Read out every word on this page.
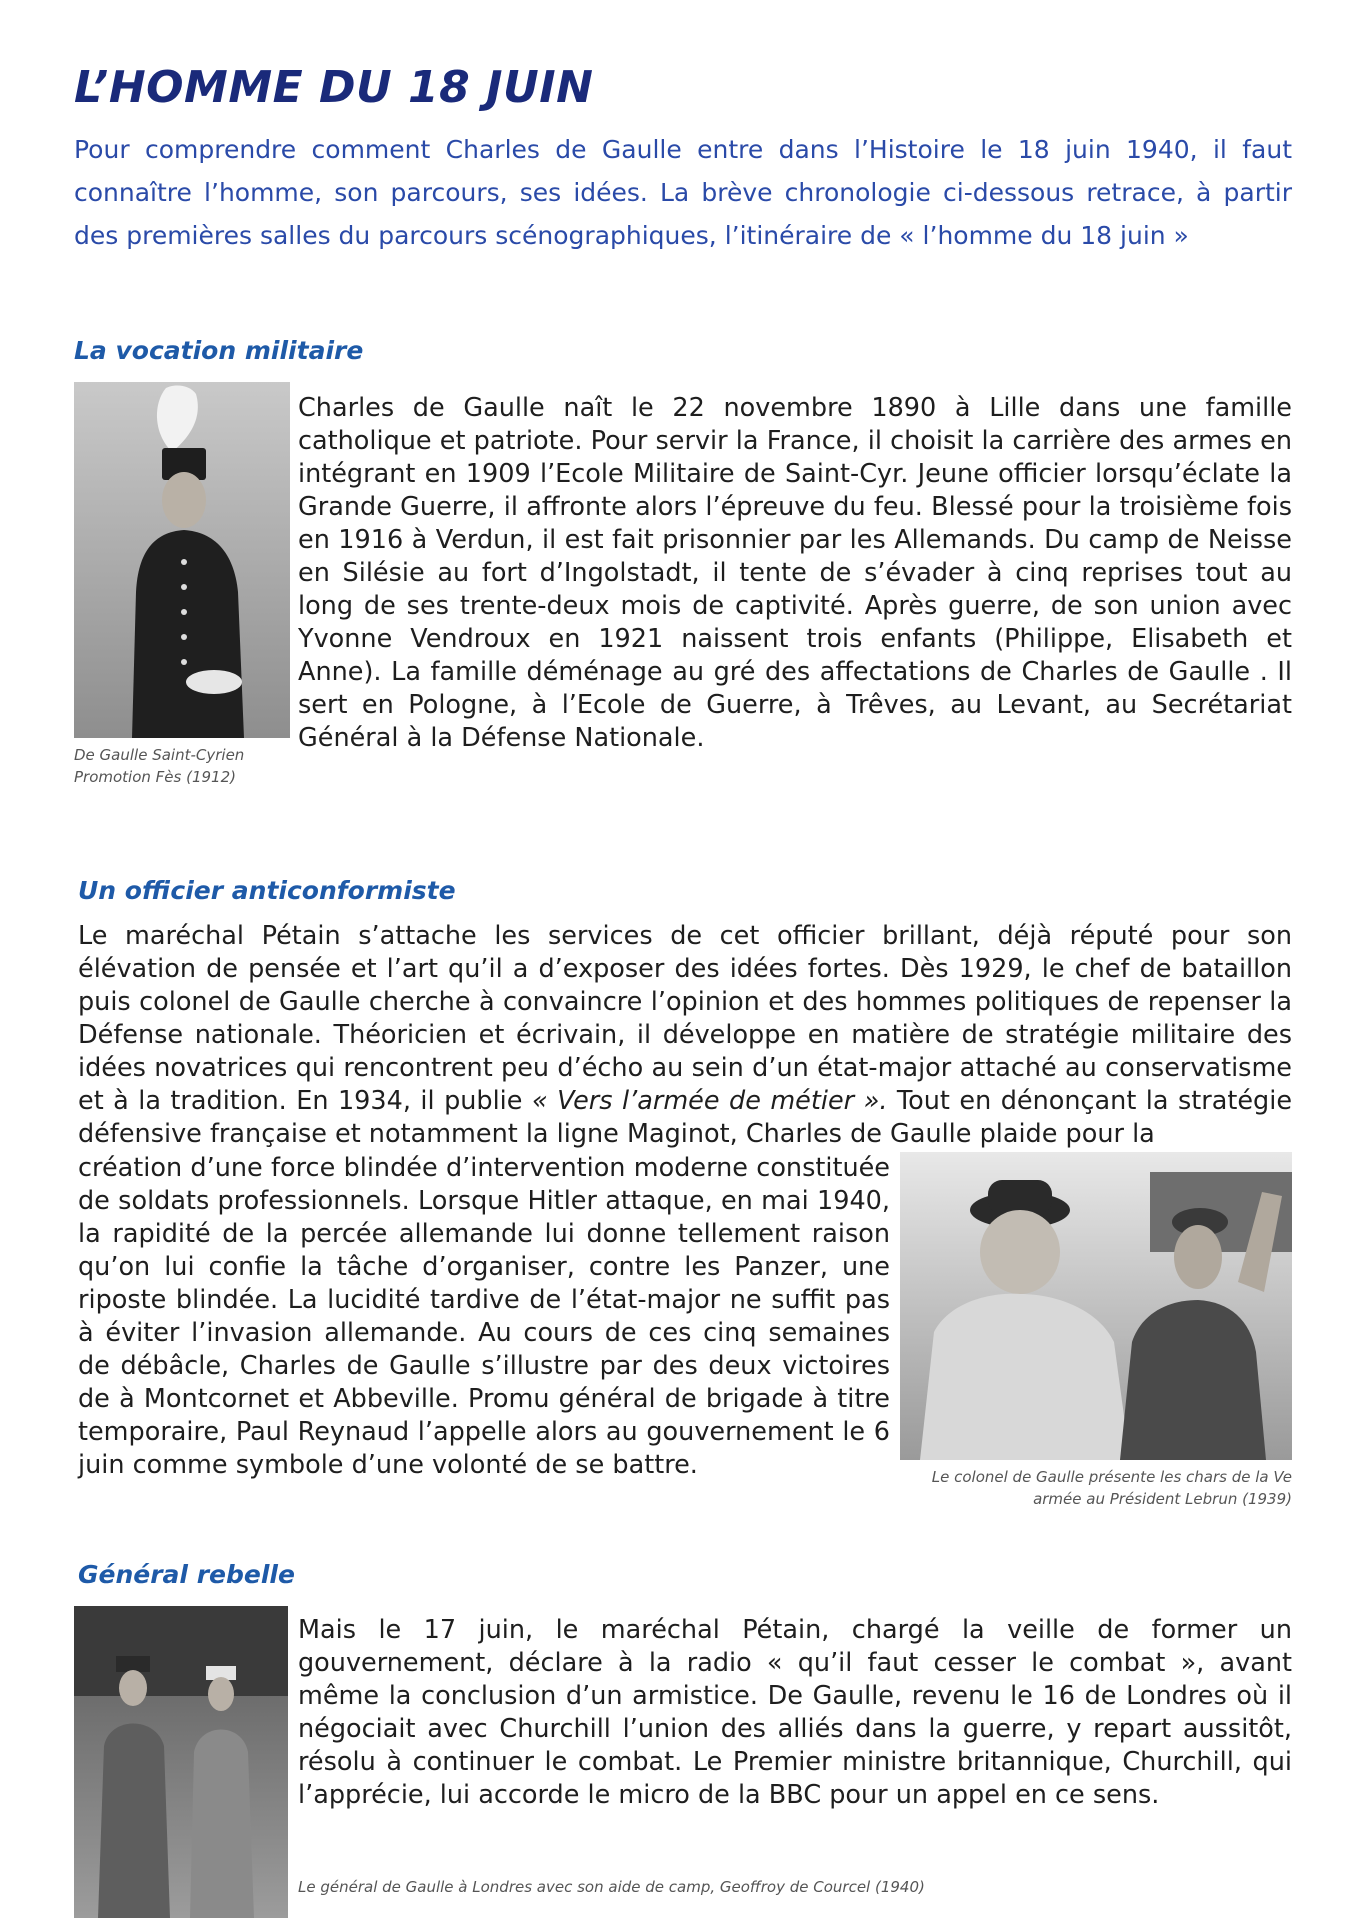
L’HOMME DU 18 JUIN
Pour comprendre comment Charles de Gaulle entre dans l’Histoire le 18 juin 1940, il faut connaître l’homme, son parcours, ses idées. La brève chronologie ci-dessous retrace, à partir des premières salles du parcours scénographiques, l’itinéraire de « l’homme du 18 juin »
La vocation militaire
De Gaulle Saint-Cyrien
Promotion Fès (1912)
Charles de Gaulle naît le 22 novembre 1890 à Lille dans une famille catholique et patriote. Pour servir la France, il choisit la carrière des armes en intégrant en 1909 l’Ecole Militaire de Saint-Cyr. Jeune officier lorsqu’éclate la Grande Guerre, il affronte alors l’épreuve du feu. Blessé pour la troisième fois en 1916 à Verdun, il est fait prisonnier par les Allemands. Du camp de Neisse en Silésie au fort d’Ingolstadt, il tente de s’évader à cinq reprises tout au long de ses trente-deux mois de captivité. Après guerre, de son union avec Yvonne Vendroux en 1921 naissent trois enfants (Philippe, Elisabeth et Anne). La famille déménage au gré des affectations de Charles de Gaulle . Il sert en Pologne, à l’Ecole de Guerre, à Trêves, au Levant, au Secrétariat Général à la Défense Nationale.
Un officier anticonformiste
Le maréchal Pétain s’attache les services de cet officier brillant, déjà réputé pour son élévation de pensée et l’art qu’il a d’exposer des idées fortes. Dès 1929, le chef de bataillon puis colonel de Gaulle cherche à convaincre l’opinion et des hommes politiques de repenser la Défense nationale. Théoricien et écrivain, il développe en matière de stratégie militaire des idées novatrices qui rencontrent peu d’écho au sein d’un état-major attaché au conservatisme et à la tradition. En 1934, il publie « Vers l’armée de métier ». Tout en dénonçant la stratégie défensive française et notamment la ligne Maginot, Charles de Gaulle plaide pour la
création d’une force blindée d’intervention moderne constituée de soldats professionnels. Lorsque Hitler attaque, en mai 1940, la rapidité de la percée allemande lui donne tellement raison qu’on lui confie la tâche d’organiser, contre les Panzer, une riposte blindée. La lucidité tardive de l’état-major ne suffit pas à éviter l’invasion allemande. Au cours de ces cinq semaines de débâcle, Charles de Gaulle s’illustre par des deux victoires de à Montcornet et Abbeville. Promu général de brigade à titre temporaire, Paul Reynaud l’appelle alors au gouvernement le 6 juin comme symbole d’une volonté de se battre.	Le colonel de Gaulle présente les chars de la Ve
armée au Président Lebrun (1939)
Général rebelle
Mais le 17 juin, le maréchal Pétain, chargé la veille de former un gouvernement, déclare à la radio « qu’il faut cesser le combat », avant même la conclusion d’un armistice. De Gaulle, revenu le 16 de Londres où il négociait avec Churchill l’union des alliés dans la guerre, y repart aussitôt, résolu à continuer le combat. Le Premier ministre britannique, Churchill, qui l’apprécie, lui accorde le micro de la BBC pour un appel en ce sens.
Le général de Gaulle à Londres avec son aide de camp, Geoffroy de Courcel (1940)
